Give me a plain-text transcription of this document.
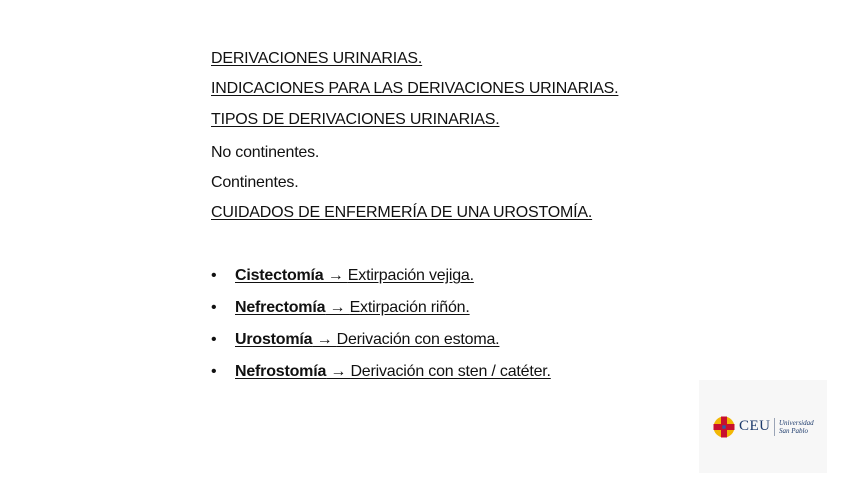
DERIVACIONES URINARIAS.
INDICACIONES PARA LAS DERIVACIONES URINARIAS.
TIPOS DE DERIVACIONES URINARIAS.
No continentes.
Continentes.
CUIDADOS DE ENFERMERÍA DE UNA UROSTOMÍA.
• Cistectomía → Extirpación vejiga.
• Nefrectomía → Extirpación riñón.
• Urostomía → Derivación con estoma.
• Nefrostomía → Derivación con sten / catéter.
CEU Universidad
San Pablo
